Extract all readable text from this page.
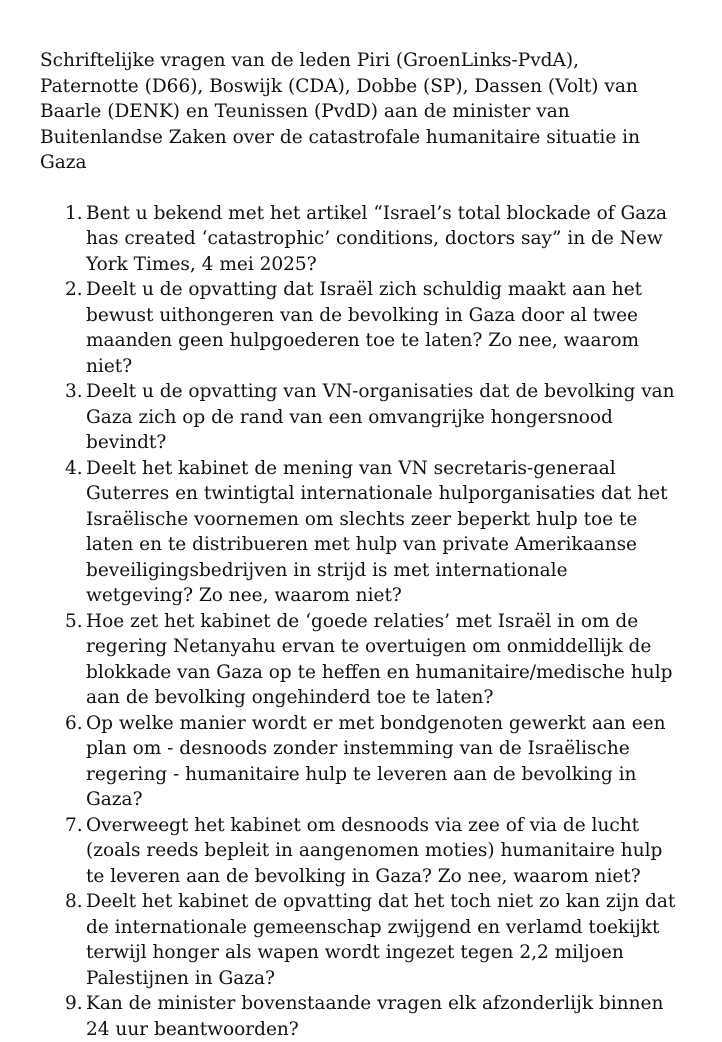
Schriftelijke vragen van de leden Piri (GroenLinks-PvdA), Paternotte (D66), Boswijk (CDA), Dobbe (SP), Dassen (Volt) van Baarle (DENK) en Teunissen (PvdD) aan de minister van Buitenlandse Zaken over de catastrofale humanitaire situatie in Gaza

1. Bent u bekend met het artikel “Israel’s total blockade of Gaza has created ‘catastrophic’ conditions, doctors say” in de New York Times, 4 mei 2025?
2. Deelt u de opvatting dat Israël zich schuldig maakt aan het bewust uithongeren van de bevolking in Gaza door al twee maanden geen hulpgoederen toe te laten? Zo nee, waarom niet?
3. Deelt u de opvatting van VN-organisaties dat de bevolking van Gaza zich op de rand van een omvangrijke hongersnood bevindt?
4. Deelt het kabinet de mening van VN secretaris-generaal Guterres en twintigtal internationale hulporganisaties dat het Israëlische voornemen om slechts zeer beperkt hulp toe te laten en te distribueren met hulp van private Amerikaanse beveiligingsbedrijven in strijd is met internationale wetgeving? Zo nee, waarom niet?
5. Hoe zet het kabinet de ‘goede relaties’ met Israël in om de regering Netanyahu ervan te overtuigen om onmiddellijk de blokkade van Gaza op te heffen en humanitaire/medische hulp aan de bevolking ongehinderd toe te laten?
6. Op welke manier wordt er met bondgenoten gewerkt aan een plan om - desnoods zonder instemming van de Israëlische regering - humanitaire hulp te leveren aan de bevolking in Gaza?
7. Overweegt het kabinet om desnoods via zee of via de lucht (zoals reeds bepleit in aangenomen moties) humanitaire hulp te leveren aan de bevolking in Gaza? Zo nee, waarom niet?
8. Deelt het kabinet de opvatting dat het toch niet zo kan zijn dat de internationale gemeenschap zwijgend en verlamd toekijkt terwijl honger als wapen wordt ingezet tegen 2,2 miljoen Palestijnen in Gaza?
9. Kan de minister bovenstaande vragen elk afzonderlijk binnen 24 uur beantwoorden?
